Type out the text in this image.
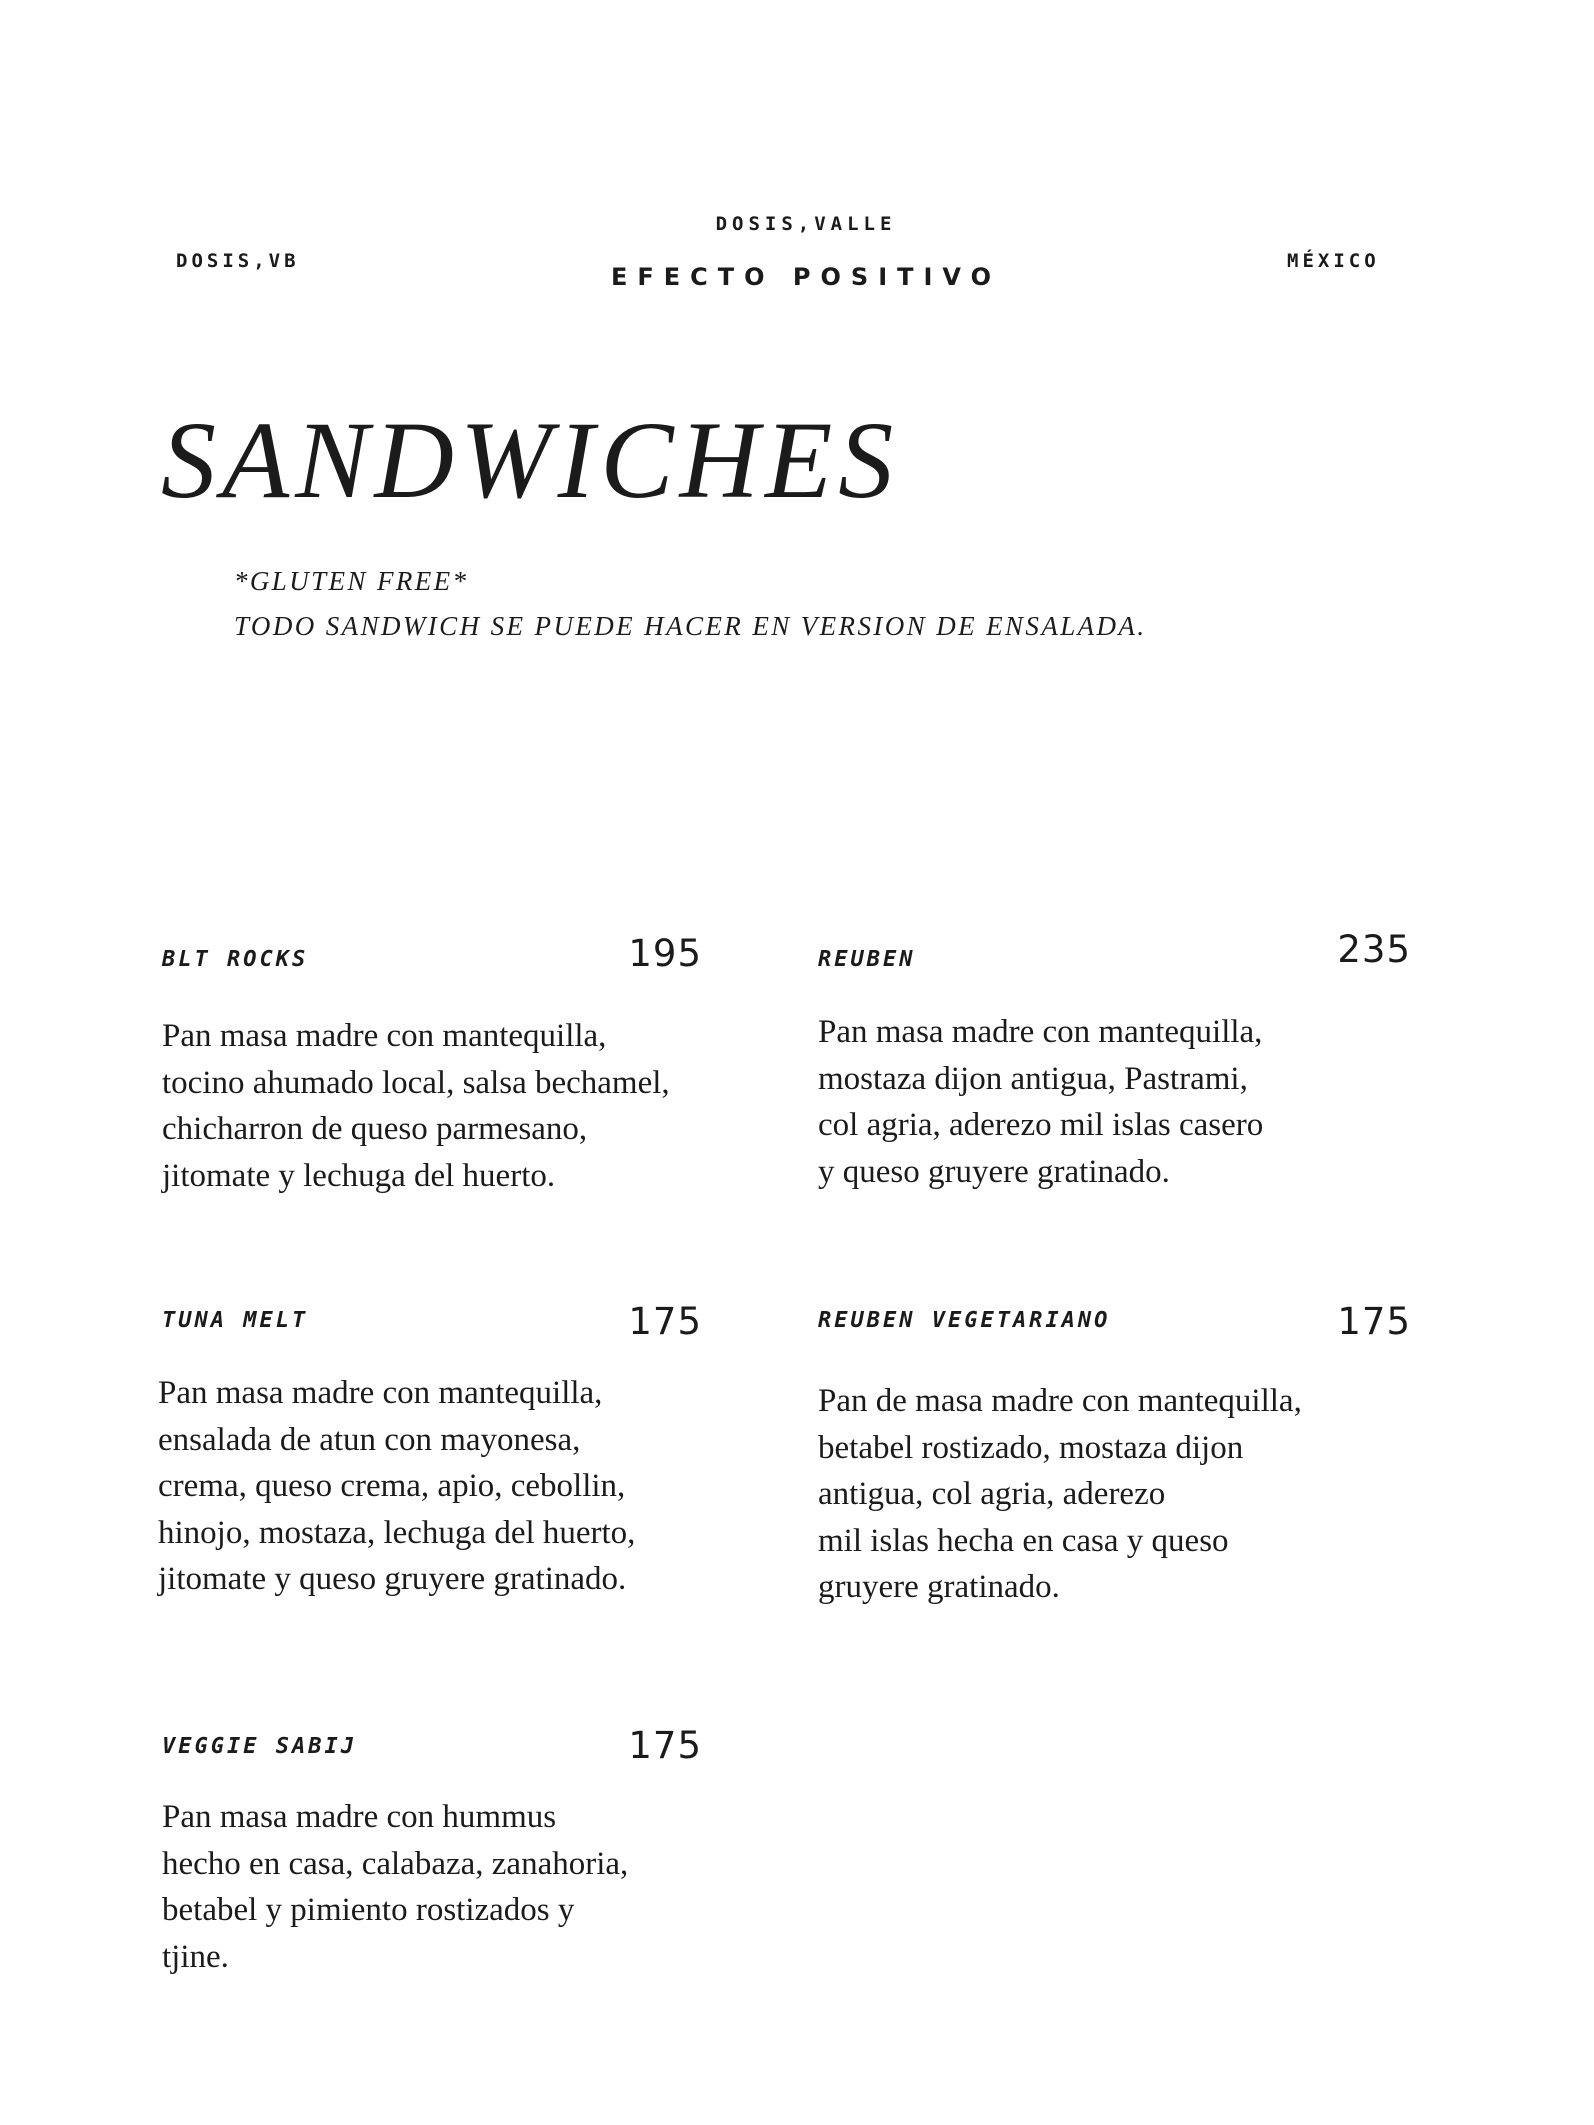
DOSIS,VB
DOSIS,VALLE
EFECTO POSITIVO
MÉXICO
SANDWICHES
*GLUTEN FREE*
TODO SANDWICH SE PUEDE HACER EN VERSION DE ENSALADA.
BLT ROCKS	195
Pan masa madre con mantequilla,
tocino ahumado local, salsa bechamel,
chicharron de queso parmesano,
jitomate y lechuga del huerto.
REUBEN	235
Pan masa madre con mantequilla,
mostaza dijon antigua, Pastrami,
col agria, aderezo mil islas casero
y queso gruyere gratinado.
TUNA MELT	175
Pan masa madre con mantequilla,
ensalada de atun con mayonesa,
crema, queso crema, apio, cebollin,
hinojo, mostaza, lechuga del huerto,
jitomate y queso gruyere gratinado.
REUBEN VEGETARIANO	175
Pan de masa madre con mantequilla,
betabel rostizado, mostaza dijon
antigua, col agria, aderezo
mil islas hecha en casa y queso
gruyere gratinado.
VEGGIE SABIJ	175
Pan masa madre con hummus
hecho en casa, calabaza, zanahoria,
betabel y pimiento rostizados y
tjine.
